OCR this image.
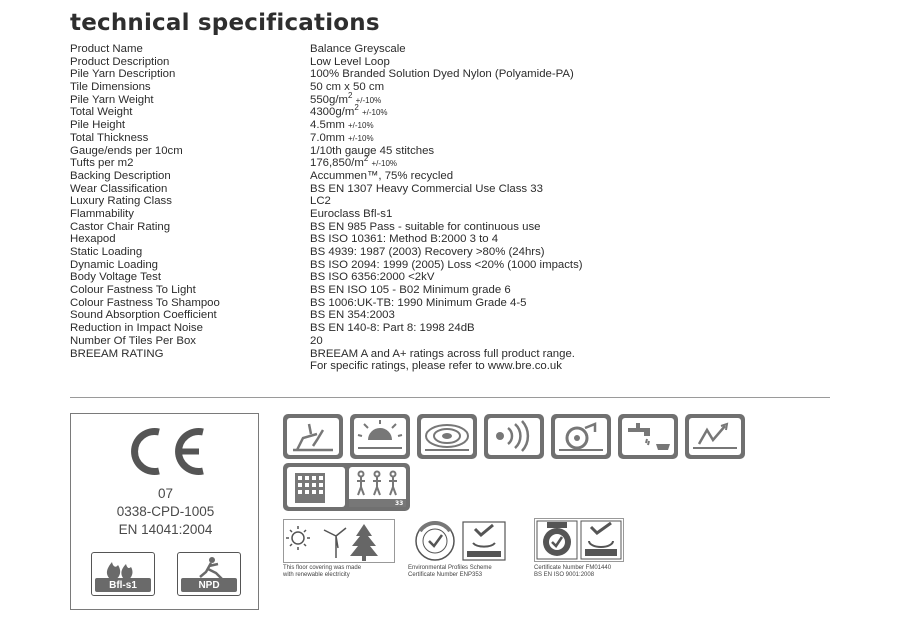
technical specifications
Product Name	Balance Greyscale
Product Description	Low Level Loop
Pile Yarn Description	100% Branded Solution Dyed Nylon (Polyamide-PA)
Tile Dimensions	50 cm x 50 cm
Pile Yarn Weight	$550g/m^2 +/-10\%$
Total Weight	$4300g/m^2 +/-10\%$
Pile Height	4.5mm +/-10%
Total Thickness	7.0mm +/-10%
Gauge/ends per 10cm	1/10th gauge 45 stitches
Tufts per m2	$176,850/m^2 +/-10\%$
Backing Description	Accummen™, 75% recycled
Wear Classification	BS EN 1307 Heavy Commercial Use Class 33
Luxury Rating Class	LC2
Flammability	Euroclass Bfl-s1
Castor Chair Rating	BS EN 985 Pass - suitable for continuous use
Hexapod	BS ISO 10361: Method B:2000 3 to 4
Static Loading	BS 4939: 1987 (2003) Recovery >80% (24hrs)
Dynamic Loading	BS ISO 2094: 1999 (2005) Loss <20% (1000 impacts)
Body Voltage Test	BS ISO 6356:2000 <2kV
Colour Fastness To Light	BS EN ISO 105 - B02 Minimum grade 6
Colour Fastness To Shampoo	BS 1006:UK-TB: 1990 Minimum Grade 4-5
Sound Absorption Coefficient	BS EN 354:2003
Reduction in Impact Noise	BS EN 140-8: Part 8: 1998 24dB
Number Of Tiles Per Box	20
BREEAM RATING	BREEAM A and A+ ratings across full product range.
For specific ratings, please refer to www.bre.co.uk
07
0338-CPD-1005
EN 14041:2004
Bfl-s1	NPD
33
This floor covering was made
with renewable electricity
Environmental Profiles Scheme
Certificate Number ENP353
Certificate Number FM01440
BS EN ISO 9001:2008
